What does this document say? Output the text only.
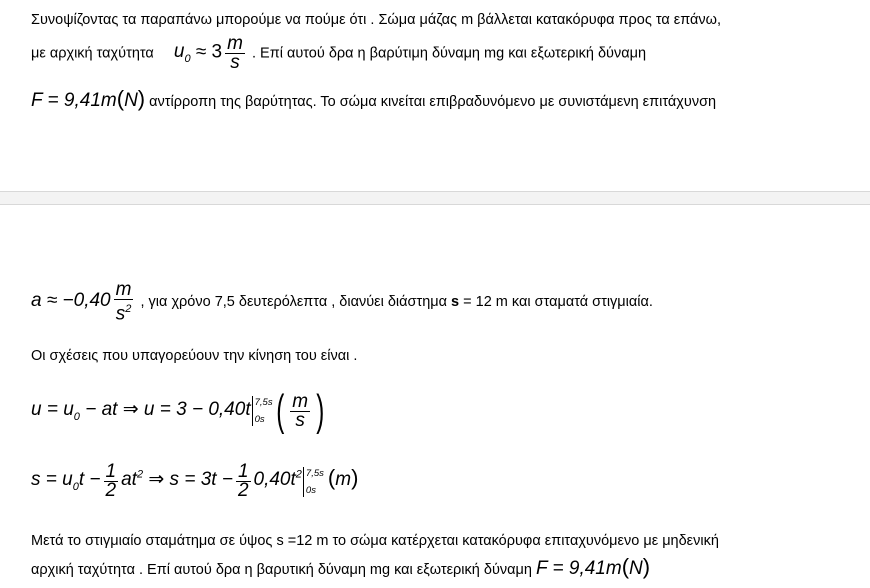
Συνοψίζοντας τα παραπάνω μπορούμε να πούμε ότι . Σώμα μάζας m βάλλεται κατακόρυφα προς τα επάνω,
με αρχική ταχύτητα $u_0 \approx 3 \frac{m}{s}$ . Επί αυτού δρα η βαρύτιμη δύναμη mg και εξωτερική δύναμη
F = 9,41m(N) αντίρροπη της βαρύτητας. Το σώμα κινείται επιβραδυνόμενο με συνιστάμενη επιτάχυνση
$a \approx -0,40 \frac{m}{s^2}$ , για χρόνο 7,5 δευτερόλεπτα , διανύει διάστημα s = 12 m και σταματά στιγμιαία.
Οι σχέσεις που υπαγορεύουν την κίνηση του είναι .
$u = u_0$ − at ⇒ u = 3 − 0,40t 7,5s
0s ( $\frac{m}{s}$ )
$s = u_0t - \frac{1}{2} at^2$ ⇒ $s = 3t - \frac{1}{2} 0,40t^2$ 7,5s
0s (m)
Μετά το στιγμιαίο σταμάτημα σε ύψος s =12 m το σώμα κατέρχεται κατακόρυφα επιταχυνόμενο με μηδενική
αρχική ταχύτητα . Επί αυτού δρα η βαρυτική δύναμη mg και εξωτερική δύναμη F = 9,41m(N)
